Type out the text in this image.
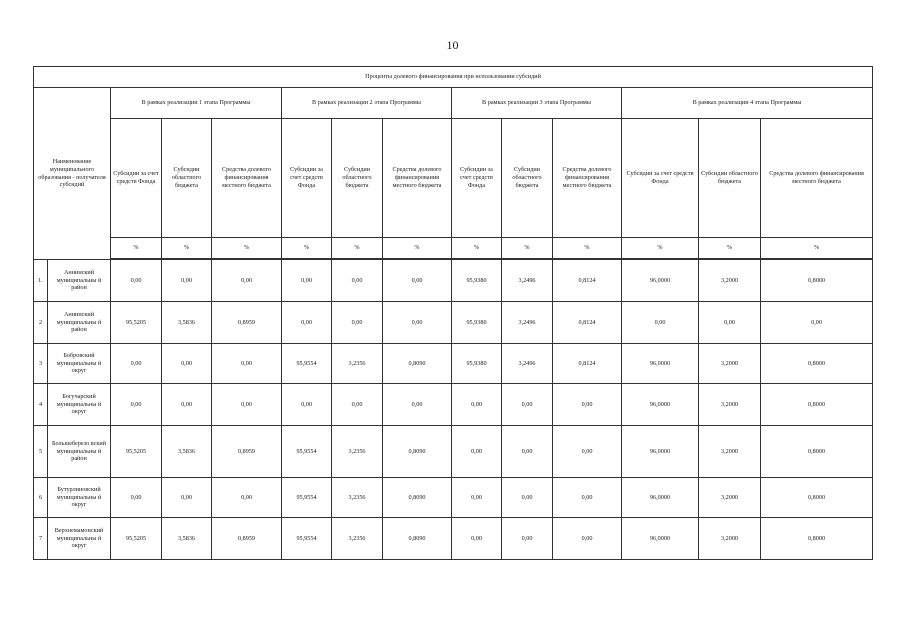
10
Проценты долевого финансирования при использовании субсидий													
Наименование муниципального образования - получателя субсидий		В рамках реализации 1 этапа Программы			В рамках реализации 2 этапа Программы			В рамках реализации 3 этапа Программы			В рамках реализации 4 этапа Программы		
		Субсидии за счет средств Фонда	Субсидии областного бюджета	Средства долевого финансирования местного бюджета	Субсидии за счет средств Фонда	Субсидии областного бюджета	Средства долевого финансирования местного бюджета	Субсидии за счет средств Фонда	Субсидии областного бюджета	Средства долевого финансирования местного бюджета	Субсидии за счет средств Фонда	Субсидии областного бюджета	Средства долевого финансирования местного бюджета
		%	%	%	%	%	%	%	%	%	%	%	%

1.	Аннинский муниципальны й район	0,00	0,00	0,00	0,00	0,00	0,00	95,9380	3,2496	0,8124	96,0000	3,2000	0,8000
2	Аннинский муниципальны й район	95,5205	3,5836	0,8959	0,00	0,00	0,00	95,9380	3,2496	0,8124	0,00	0,00	0,00
3	Бобровский муниципальны й округ	0,00	0,00	0,00	95,9554	3,2356	0,8090	95,9380	3,2496	0,8124	96,0000	3,2000	0,8000
4	Богучарский муниципальны й округ	0,00	0,00	0,00	0,00	0,00	0,00	0,00	0,00	0,00	96,0000	3,2000	0,8000
5	Большеберезо вский муниципальны й район	95,5205	3,5836	0,8959	95,9554	3,2356	0,8090	0,00	0,00	0,00	96,0000	3,2000	0,8000
6	Бутурлиновский муниципальны й округ	0,00	0,00	0,00	95,9554	3,2356	0,8090	0,00	0,00	0,00	96,0000	3,2000	0,8000
7	Верхнемамонский муниципальны й округ	95,5205	3,5836	0,8959	95,9554	3,2356	0,8090	0,00	0,00	0,00	96,0000	3,2000	0,8000
